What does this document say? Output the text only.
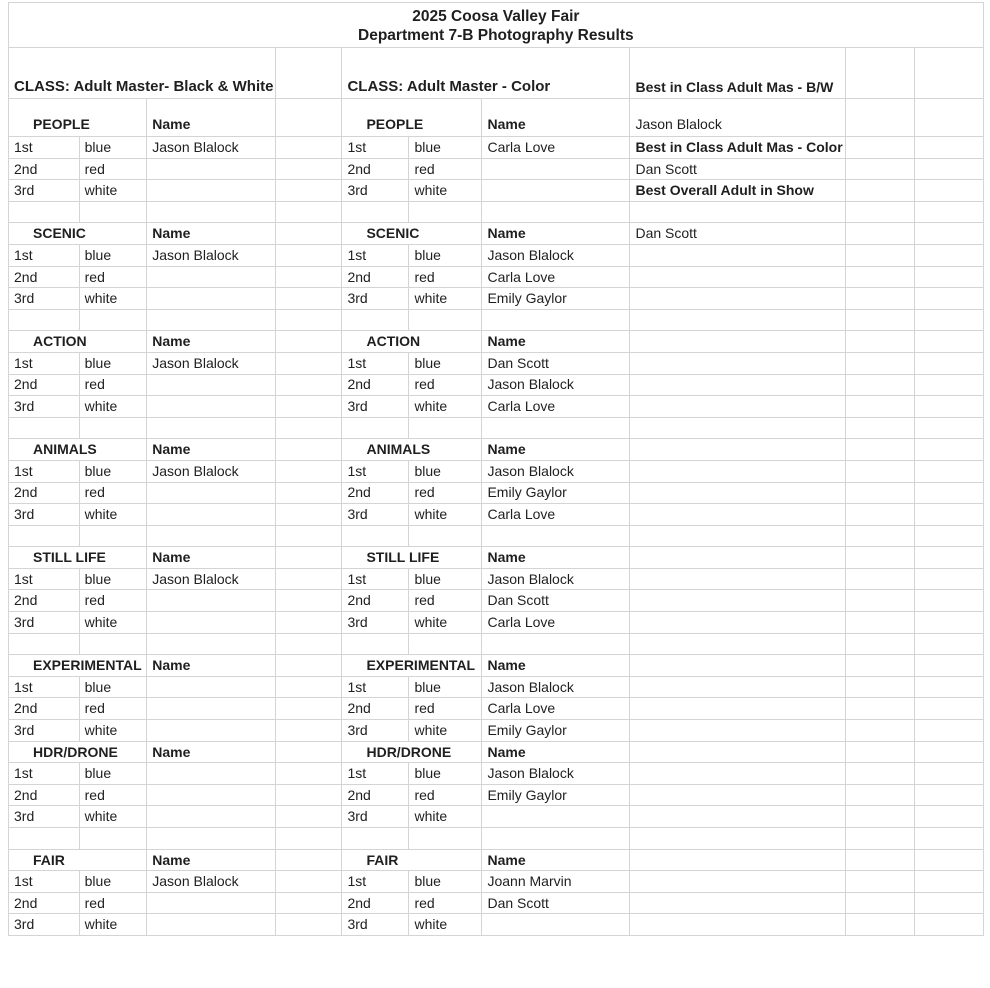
2025 Coosa Valley Fair
Department 7-B Photography Results									

CLASS: Adult Master- Black & White				CLASS: Adult Master - Color			Best in Class Adult Mas - B/W		
PEOPLE		Name		PEOPLE		Name	Jason Blalock		
1st	blue	Jason Blalock		1st	blue	Carla Love	Best in Class Adult Mas - Color		
2nd	red			2nd	red		Dan Scott		
3rd	white			3rd	white		Best Overall Adult in Show		

SCENIC		Name		SCENIC		Name	Dan Scott		
1st	blue	Jason Blalock		1st	blue	Jason Blalock			
2nd	red			2nd	red	Carla Love			
3rd	white			3rd	white	Emily Gaylor			

ACTION		Name		ACTION		Name			
1st	blue	Jason Blalock		1st	blue	Dan Scott			
2nd	red			2nd	red	Jason Blalock			
3rd	white			3rd	white	Carla Love			

ANIMALS		Name		ANIMALS		Name			
1st	blue	Jason Blalock		1st	blue	Jason Blalock			
2nd	red			2nd	red	Emily Gaylor			
3rd	white			3rd	white	Carla Love			

STILL LIFE		Name		STILL LIFE		Name			
1st	blue	Jason Blalock		1st	blue	Jason Blalock			
2nd	red			2nd	red	Dan Scott			
3rd	white			3rd	white	Carla Love			

EXPERIMENTAL		Name		EXPERIMENTAL		Name			
1st	blue			1st	blue	Jason Blalock			
2nd	red			2nd	red	Carla Love			
3rd	white			3rd	white	Emily Gaylor			
HDR/DRONE		Name		HDR/DRONE		Name			
1st	blue			1st	blue	Jason Blalock			
2nd	red			2nd	red	Emily Gaylor			
3rd	white			3rd	white				

FAIR		Name		FAIR		Name			
1st	blue	Jason Blalock		1st	blue	Joann Marvin			
2nd	red			2nd	red	Dan Scott			
3rd	white			3rd	white				
